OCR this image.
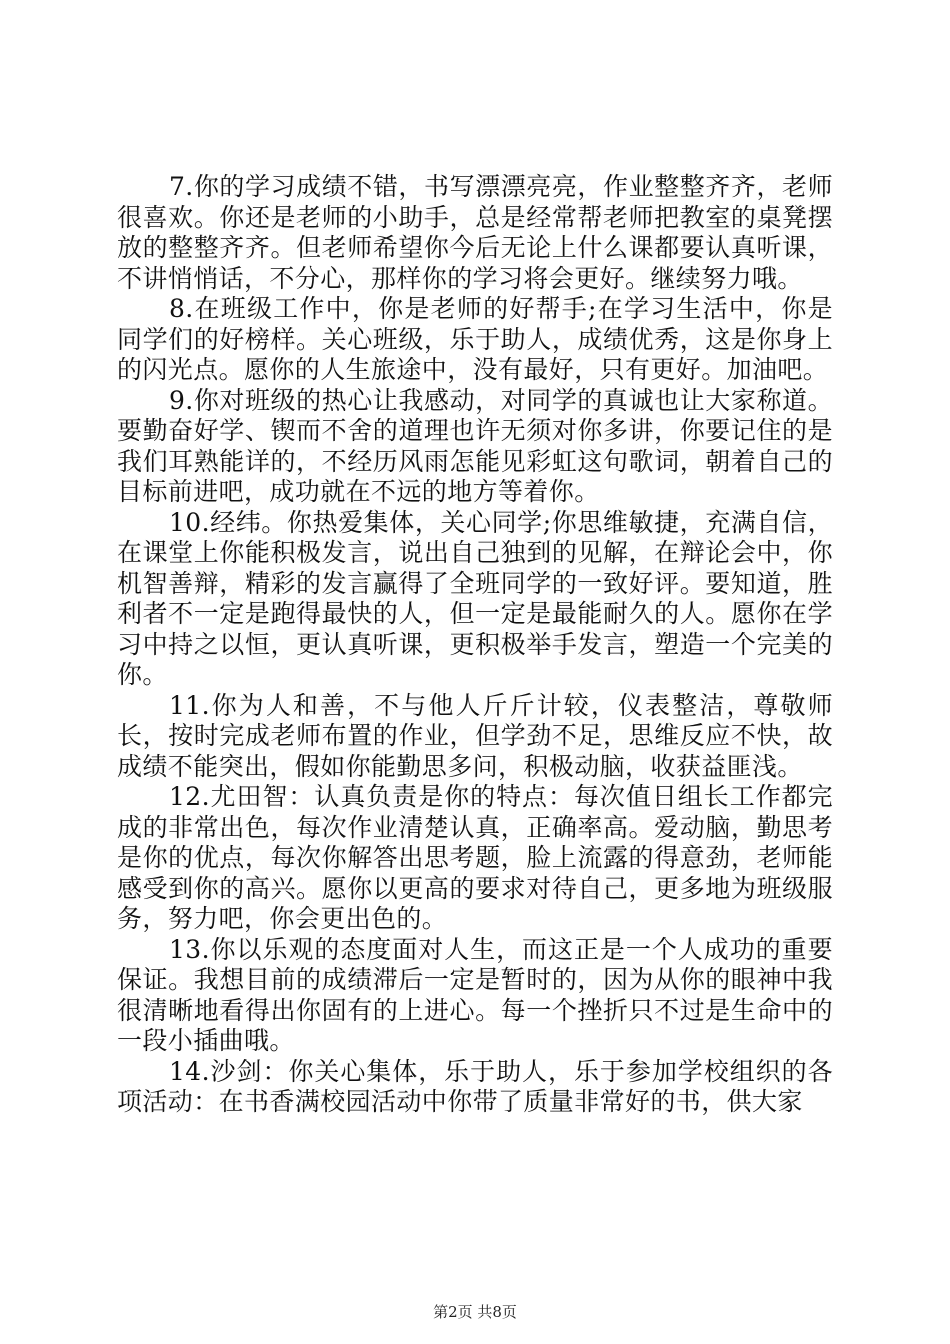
7.你的学习成绩不错，书写漂漂亮亮，作业整整齐齐，老师很喜欢。你还是老师的小助手，总是经常帮老师把教室的桌凳摆放的整整齐齐。但老师希望你今后无论上什么课都要认真听课，不讲悄悄话，不分心，那样你的学习将会更好。继续努力哦。

8.在班级工作中，你是老师的好帮手;在学习生活中，你是同学们的好榜样。关心班级，乐于助人，成绩优秀，这是你身上的闪光点。愿你的人生旅途中，没有最好，只有更好。加油吧。

9.你对班级的热心让我感动，对同学的真诚也让大家称道。要勤奋好学、锲而不舍的道理也许无须对你多讲，你要记住的是我们耳熟能详的，不经历风雨怎能见彩虹这句歌词，朝着自己的目标前进吧，成功就在不远的地方等着你。

10.经纬。你热爱集体，关心同学;你思维敏捷，充满自信，在课堂上你能积极发言，说出自己独到的见解，在辩论会中，你机智善辩，精彩的发言赢得了全班同学的一致好评。要知道，胜利者不一定是跑得最快的人，但一定是最能耐久的人。愿你在学习中持之以恒，更认真听课，更积极举手发言，塑造一个完美的你。

11.你为人和善，不与他人斤斤计较，仪表整洁，尊敬师长，按时完成老师布置的作业，但学劲不足，思维反应不快，故成绩不能突出，假如你能勤思多问，积极动脑，收获益匪浅。

12.尤田智：认真负责是你的特点：每次值日组长工作都完成的非常出色，每次作业清楚认真，正确率高。爱动脑，勤思考是你的优点，每次你解答出思考题，脸上流露的得意劲，老师能感受到你的高兴。愿你以更高的要求对待自己，更多地为班级服务，努力吧，你会更出色的。

13.你以乐观的态度面对人生，而这正是一个人成功的重要保证。我想目前的成绩滞后一定是暂时的，因为从你的眼神中我很清晰地看得出你固有的上进心。每一个挫折只不过是生命中的一段小插曲哦。

14.沙剑：你关心集体，乐于助人，乐于参加学校组织的各项活动：在书香满校园活动中你带了质量非常好的书，供大家

第2页 共8页
